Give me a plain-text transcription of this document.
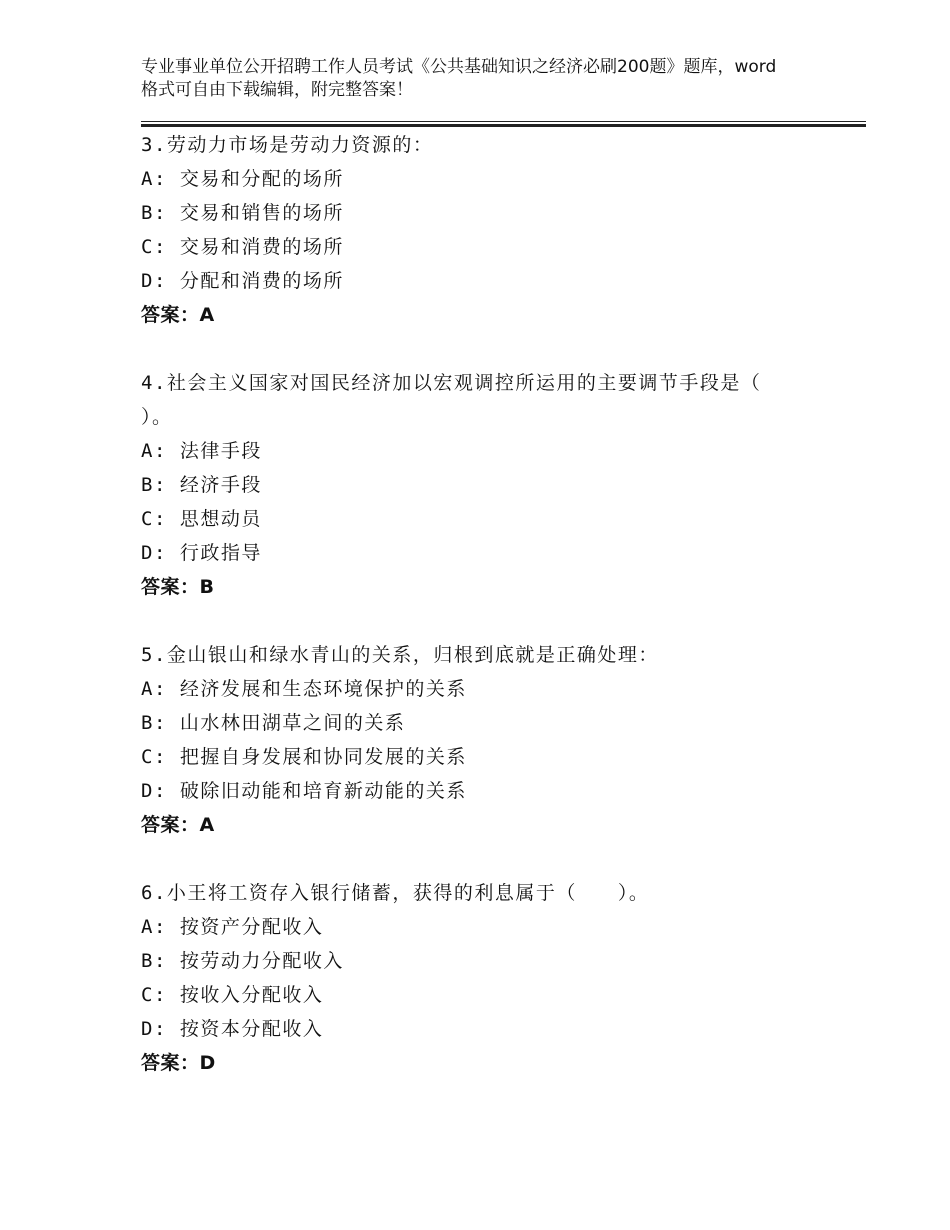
专业事业单位公开招聘工作人员考试《公共基础知识之经济必刷200题》题库，word格式可自由下载编辑，附完整答案！
3.劳动力市场是劳动力资源的：
A: 交易和分配的场所
B: 交易和销售的场所
C: 交易和消费的场所
D: 分配和消费的场所
答案：A
4.社会主义国家对国民经济加以宏观调控所运用的主要调节手段是（ ）。
A: 法律手段
B: 经济手段
C: 思想动员
D: 行政指导
答案：B
5.金山银山和绿水青山的关系，归根到底就是正确处理：
A: 经济发展和生态环境保护的关系
B: 山水林田湖草之间的关系
C: 把握自身发展和协同发展的关系
D: 破除旧动能和培育新动能的关系
答案：A
6.小王将工资存入银行储蓄，获得的利息属于（　　）。
A: 按资产分配收入
B: 按劳动力分配收入
C: 按收入分配收入
D: 按资本分配收入
答案：D
